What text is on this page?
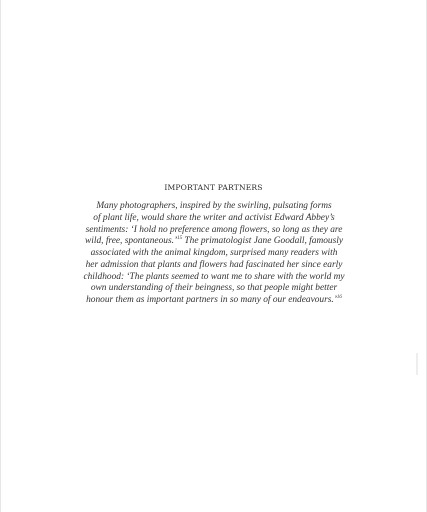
IMPORTANT PARTNERS
Many photographers, inspired by the swirling, pulsating forms
of plant life, would share the writer and activist Edward Abbey’s
sentiments: ‘I hold no preference among flowers, so long as they are
wild, free, spontaneous.’$^{15}$ The primatologist Jane Goodall, famously
associated with the animal kingdom, surprised many readers with
her admission that plants and flowers had fascinated her since early
childhood: ‘The plants seemed to want me to share with the world my
own understanding of their beingness, so that people might better
honour them as important partners in so many of our endeavours.’$^{16}$
